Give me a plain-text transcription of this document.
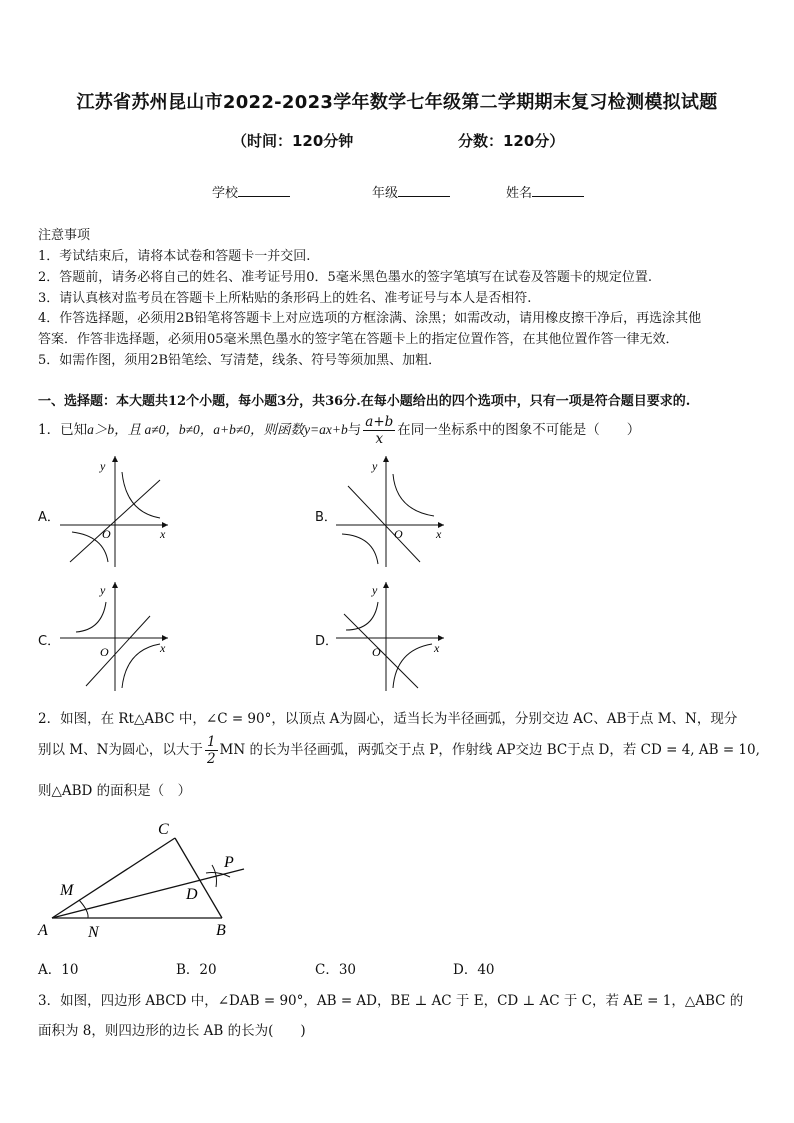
江苏省苏州昆山市2022-2023学年数学七年级第二学期期末复习检测模拟试题
（时间：120分钟	分数：120分）
学校	年级	姓名
注意事项
1．考试结束后，请将本试卷和答题卡一并交回.
2．答题前，请务必将自己的姓名、准考证号用0．5毫米黑色墨水的签字笔填写在试卷及答题卡的规定位置.
3．请认真核对监考员在答题卡上所粘贴的条形码上的姓名、准考证号与本人是否相符.
4．作答选择题，必须用2B铅笔将答题卡上对应选项的方框涂满、涂黑；如需改动，请用橡皮擦干净后，再选涂其他
答案．作答非选择题，必须用05毫米黑色墨水的签字笔在答题卡上的指定位置作答，在其他位置作答一律无效．
5．如需作图，须用2B铅笔绘、写清楚，线条、符号等须加黑、加粗．
一、选择题：本大题共12个小题，每小题3分，共36分.在每小题给出的四个选项中，只有一项是符合题目要求的.
1．已知a＞b，且 a≠0，b≠0，a+b≠0，则函数y=ax+b与 $\frac{a+b}{x}$ 在同一坐标系中的图象不可能是（　　）
A．	B．
C．	D．
y
x
O
y
x
O
y
x
O
y
x
O
2．如图，在 Rt△ABC 中，∠C = 90°，以顶点 A为圆心，适当长为半径画弧，分别交边 AC、AB于点 M、N，现分
别以 M、N为圆心，以大于 $\frac{1}{2}$ MN 的长为半径画弧，两弧交于点 P，作射线 AP交边 BC于点 D，若 CD = 4, AB = 10,
则△ABD 的面积是（　）
C
M
A	N
D
P
B
A．10	B．20	C．30	D．40
3．如图，四边形 ABCD 中，∠DAB = 90°，AB = AD，BE ⊥ AC 于 E，CD ⊥ AC 于 C，若 AE = 1，△ABC 的
面积为 8，则四边形的边长 AB 的长为(　　)
